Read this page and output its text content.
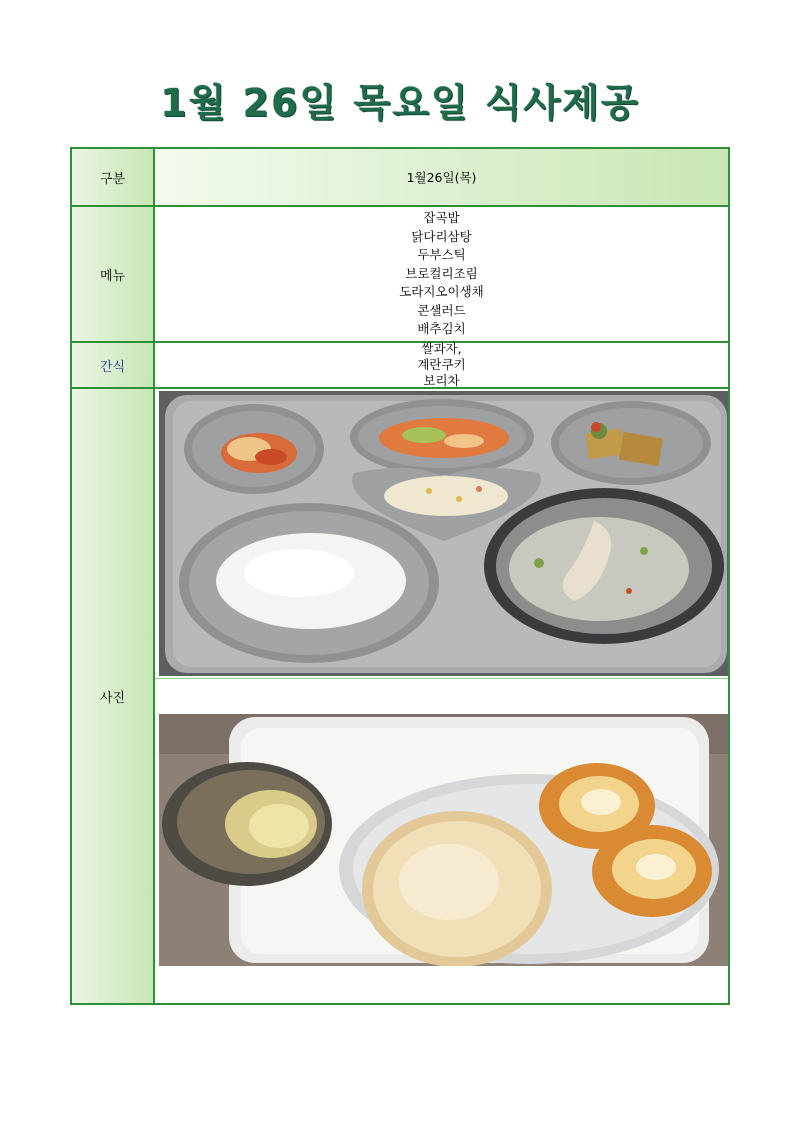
1월 26일 목요일 식사제공
구분	1월26일(목)
메뉴
잡곡밥
닭다리삼탕
두부스틱
브로컬리조림
도라지오이생채
콘샐러드
배추김치
간식
쌀과자,
계란쿠키
보리차
사진
